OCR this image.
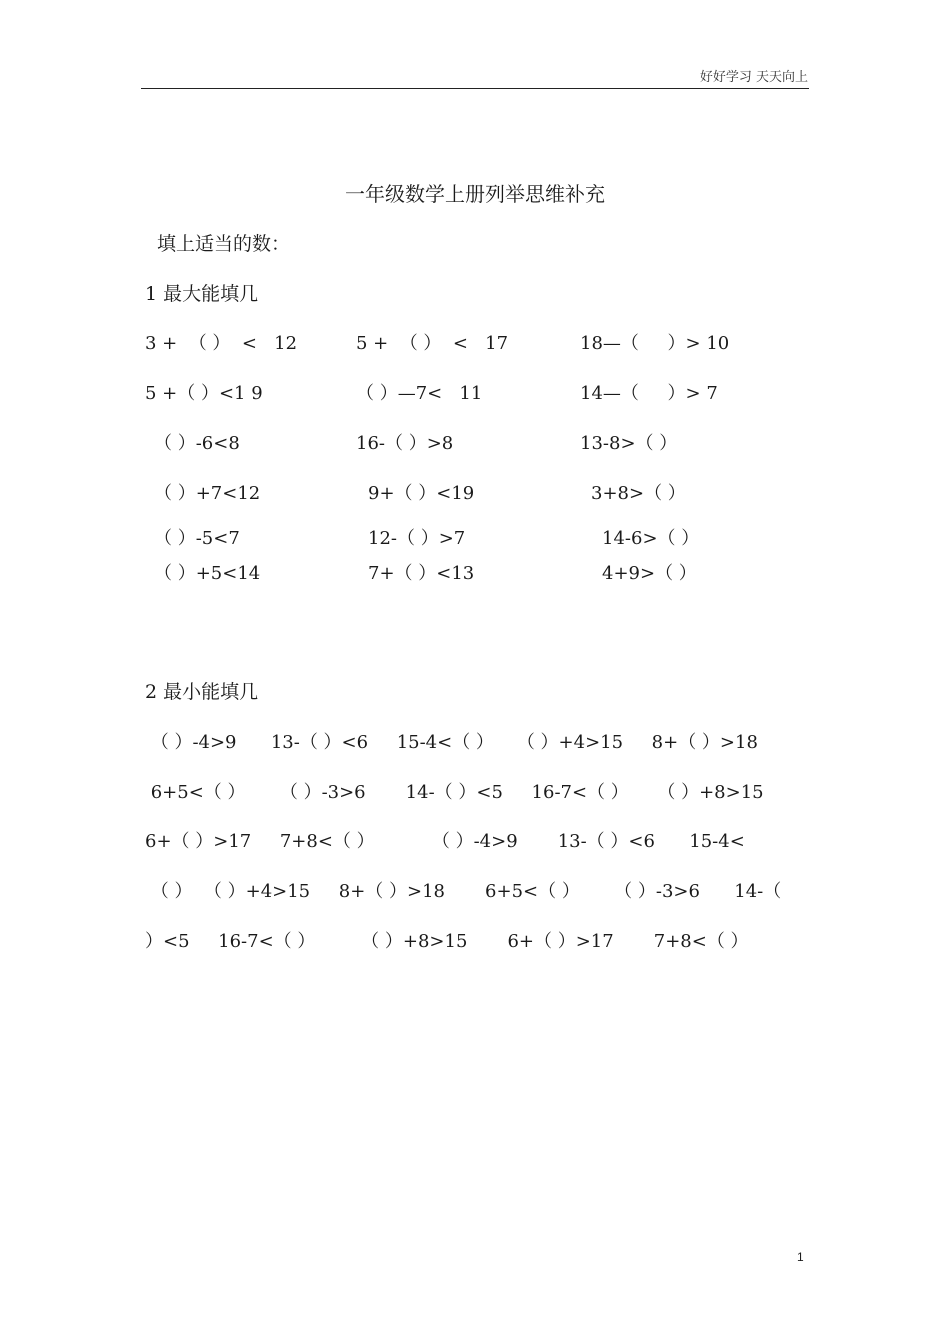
好好学习 天天向上
一年级数学上册列举思维补充
填上适当的数：
1 最大能填几
3 +  （ ）  <   12	5 +  （ ）  <   17	18—（     ）> 10
5 +（ ）<1 9	（ ）—7<   11	14—（     ）> 7
（ ）-6<8	16-（ ）>8	13-8>（ ）
（ ）+7<12	9+（ ）<19	3+8>（ ）
（ ）-5<7	12-（ ）>7	14-6>（ ）
（ ）+5<14	7+（ ）<13	4+9>（ ）
2 最小能填几
（ ）-4>9      13-（ ）<6     15-4<（ ）    （ ）+4>15     8+（ ）>18
6+5<（ ）      （ ）-3>6       14-（ ）<5     16-7<（ ）     （ ）+8>15
6+（ ）>17     7+8<（ ）          （ ）-4>9       13-（ ）<6      15-4<
（ ）  （ ）+4>15     8+（ ）>18       6+5<（ ）      （ ）-3>6      14-（
）<5     16-7<（ ）        （ ）+8>15       6+（ ）>17       7+8<（ ）
1
